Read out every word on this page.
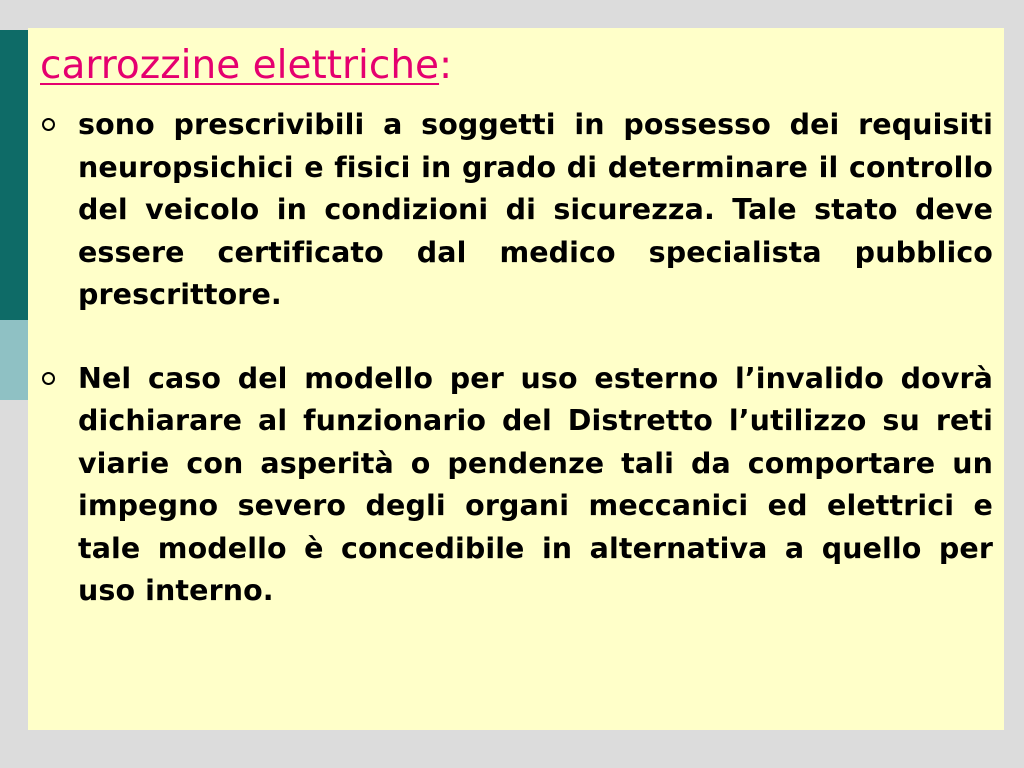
carrozzine elettriche:
sono prescrivibili a soggetti in possesso dei requisiti neuropsichici e fisici in grado di determinare il controllo del veicolo in condizioni di sicurezza. Tale stato deve essere certificato dal medico specialista pubblico prescrittore.
Nel caso del modello per uso esterno l’invalido dovrà dichiarare al funzionario del Distretto l’utilizzo su reti viarie con asperità o pendenze tali da comportare un impegno severo degli organi meccanici ed elettrici e tale modello è concedibile in alternativa a quello per uso interno.
